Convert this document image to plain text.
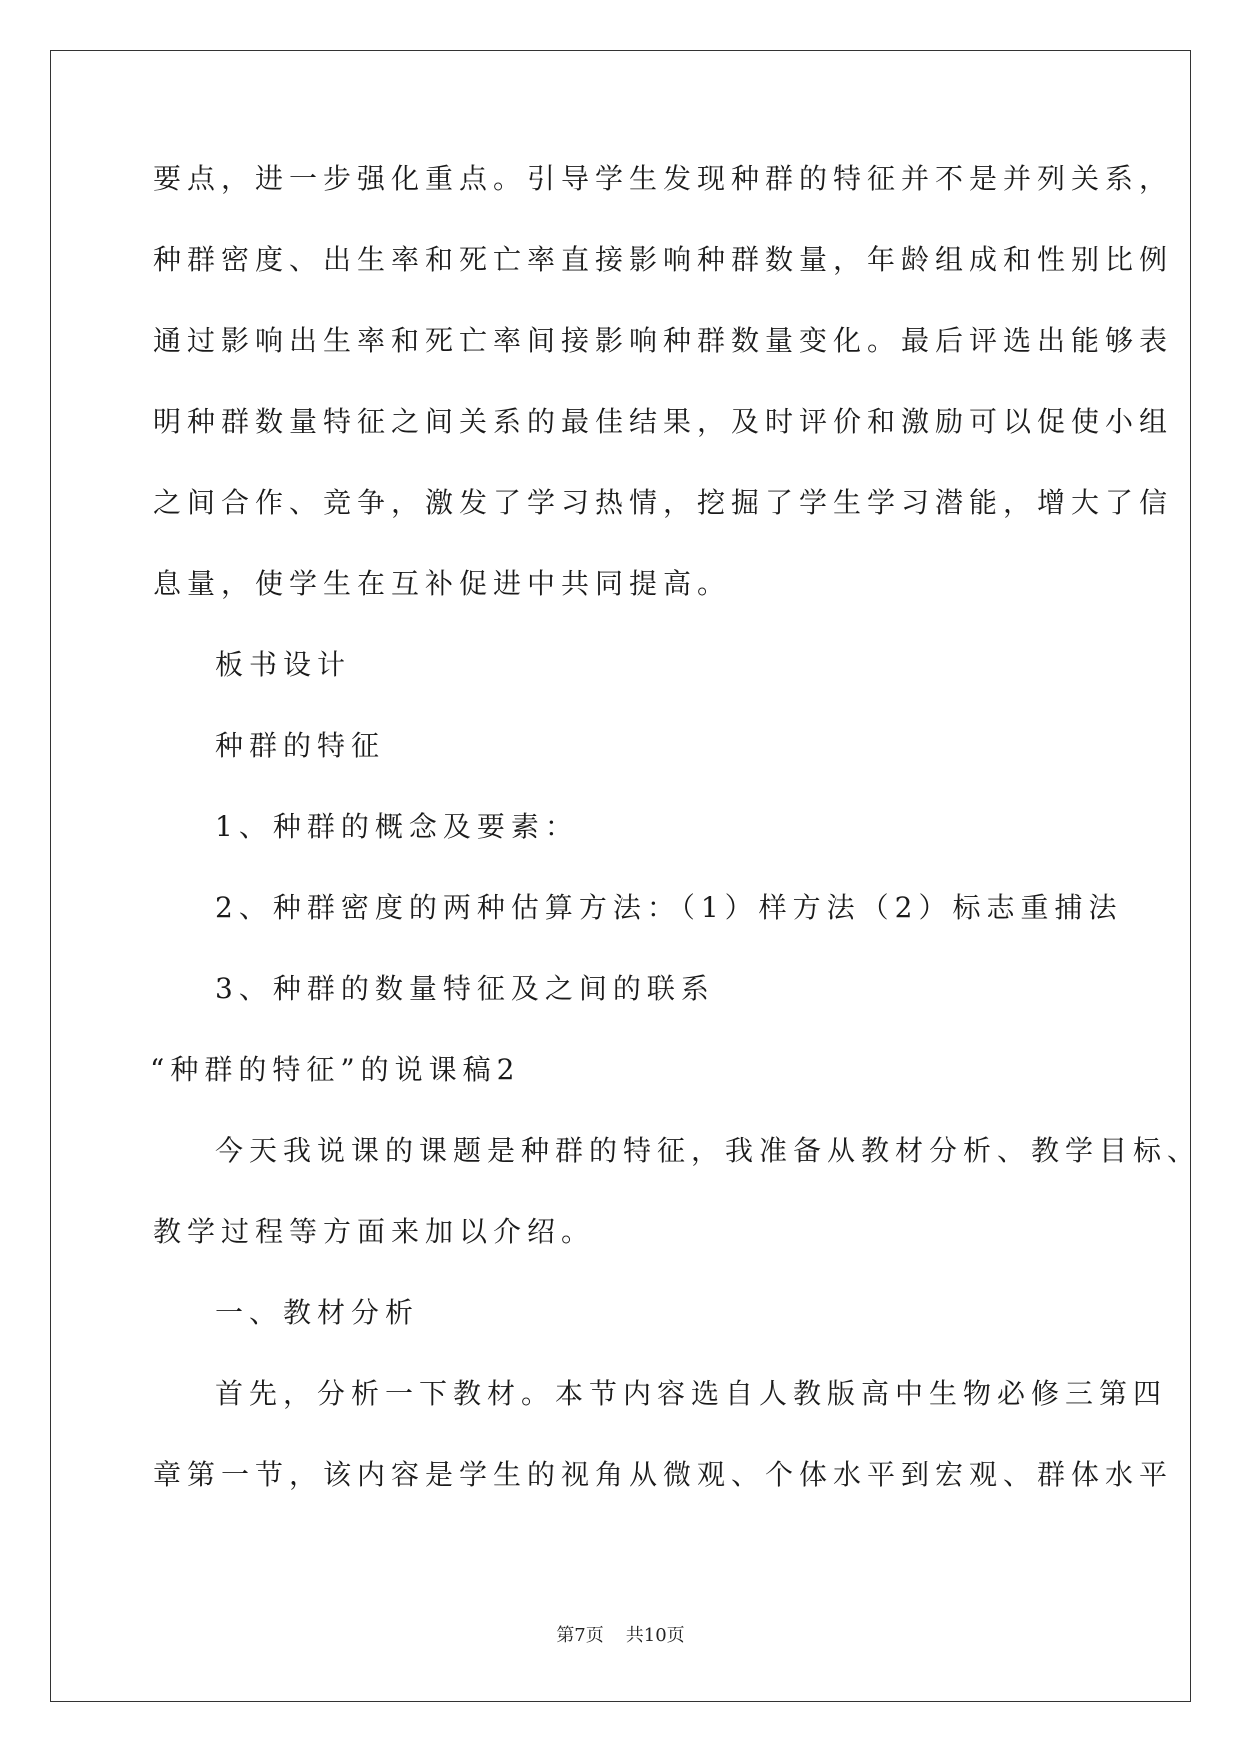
要点，进一步强化重点。引导学生发现种群的特征并不是并列关系，
种群密度、出生率和死亡率直接影响种群数量，年龄组成和性别比例
通过影响出生率和死亡率间接影响种群数量变化。最后评选出能够表
明种群数量特征之间关系的最佳结果，及时评价和激励可以促使小组
之间合作、竞争，激发了学习热情，挖掘了学生学习潜能，增大了信
息量，使学生在互补促进中共同提高。
板书设计
种群的特征
1、种群的概念及要素：
2、种群密度的两种估算方法：（1）样方法（2）标志重捕法
3、种群的数量特征及之间的联系
“种群的特征”的说课稿2
今天我说课的课题是种群的特征，我准备从教材分析、教学目标、
教学过程等方面来加以介绍。
一、教材分析
首先，分析一下教材。本节内容选自人教版高中生物必修三第四
章第一节，该内容是学生的视角从微观、个体水平到宏观、群体水平
第7页 共10页
